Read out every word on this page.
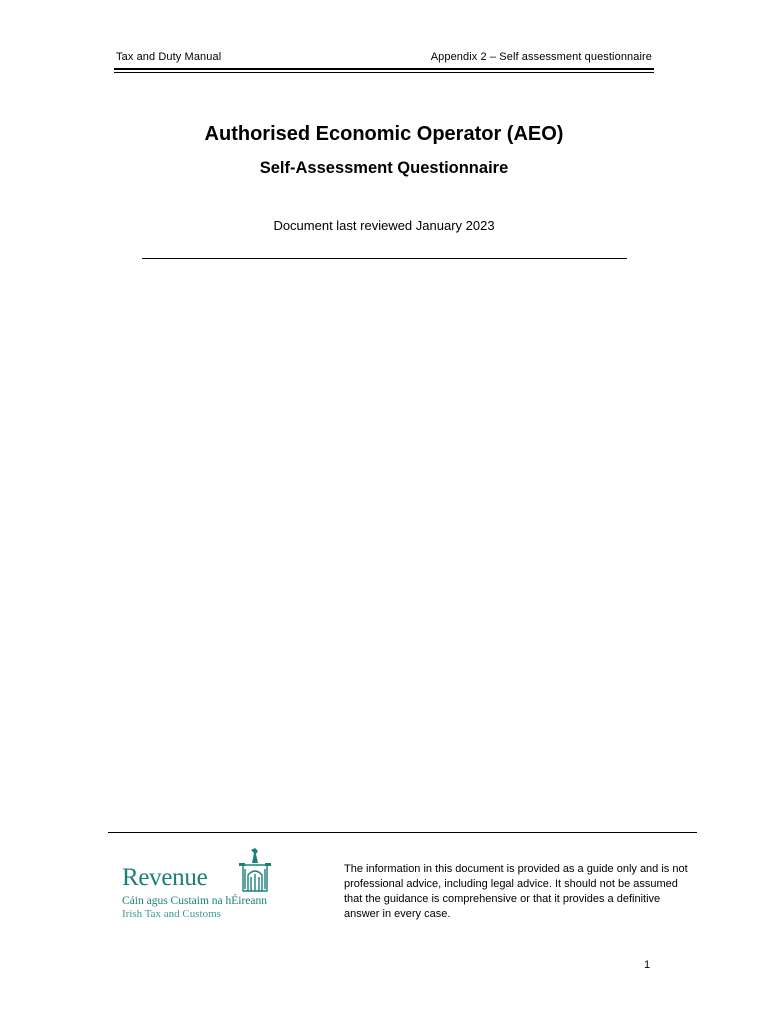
Tax and Duty Manual	Appendix 2 – Self assessment questionnaire
Authorised Economic Operator (AEO)
Self-Assessment Questionnaire
Document last reviewed January 2023
Revenue
Cáin agus Custaim na hÉireann
Irish Tax and Customs
The information in this document is provided as a guide only and is not professional advice, including legal advice. It should not be assumed that the guidance is comprehensive or that it provides a definitive answer in every case.
1
